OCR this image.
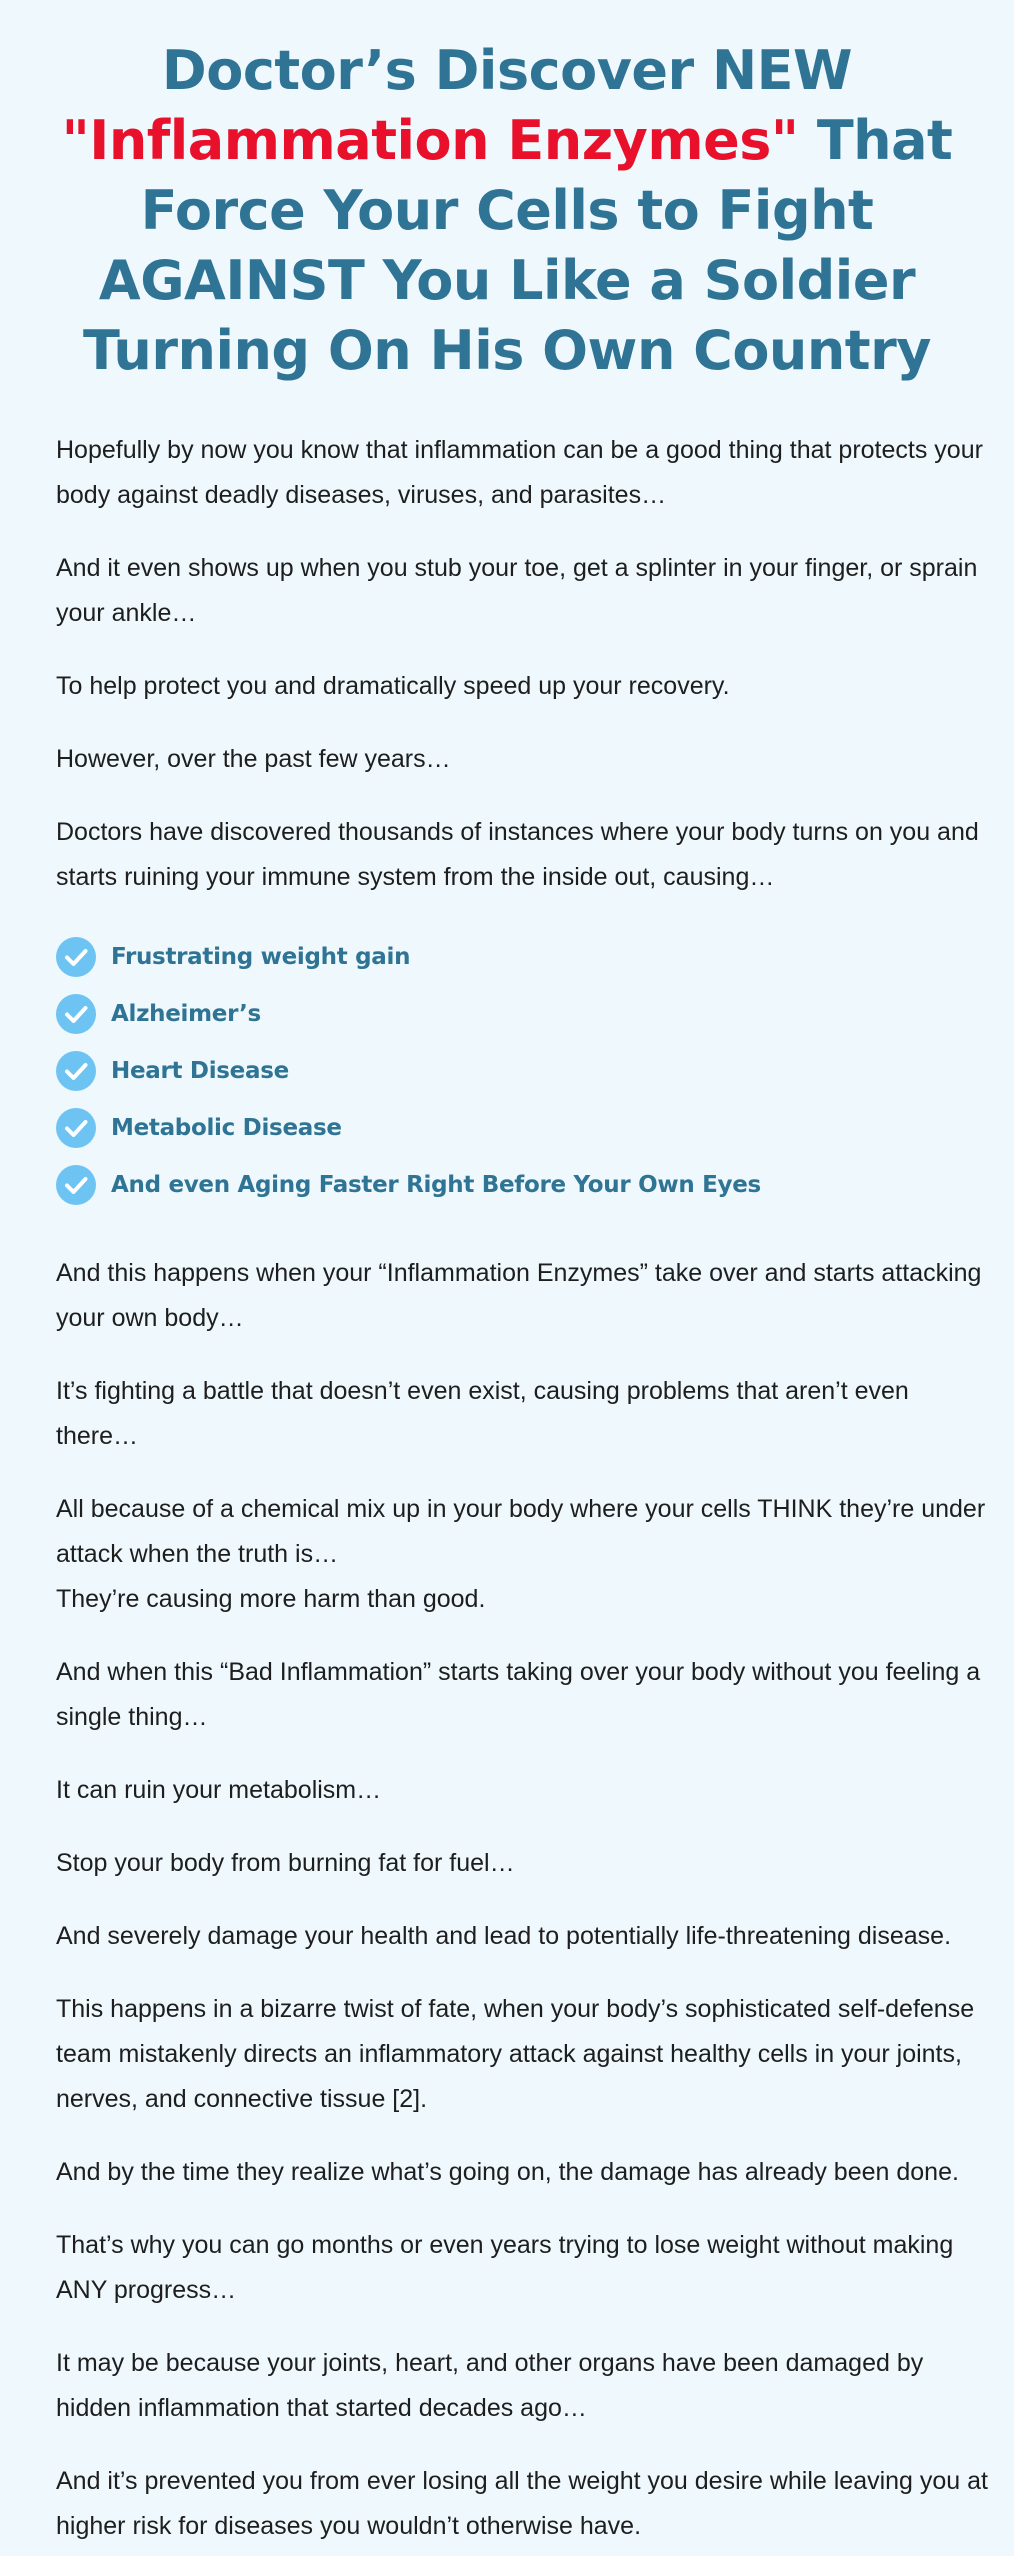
Doctor’s Discover NEW "Inflammation Enzymes" That Force Your Cells to Fight AGAINST You Like a Soldier Turning On His Own Country

Hopefully by now you know that inflammation can be a good thing that protects your body against deadly diseases, viruses, and parasites…

And it even shows up when you stub your toe, get a splinter in your finger, or sprain your ankle…

To help protect you and dramatically speed up your recovery.

However, over the past few years…

Doctors have discovered thousands of instances where your body turns on you and starts ruining your immune system from the inside out, causing…

Frustrating weight gain
Alzheimer’s
Heart Disease
Metabolic Disease
And even Aging Faster Right Before Your Own Eyes

And this happens when your “Inflammation Enzymes” take over and starts attacking your own body…

It’s fighting a battle that doesn’t even exist, causing problems that aren’t even there…

All because of a chemical mix up in your body where your cells THINK they’re under attack when the truth is…
They’re causing more harm than good.

And when this “Bad Inflammation” starts taking over your body without you feeling a single thing…

It can ruin your metabolism…

Stop your body from burning fat for fuel…

And severely damage your health and lead to potentially life-threatening disease.

This happens in a bizarre twist of fate, when your body’s sophisticated self-defense team mistakenly directs an inflammatory attack against healthy cells in your joints, nerves, and connective tissue [2].

And by the time they realize what’s going on, the damage has already been done.

That’s why you can go months or even years trying to lose weight without making ANY progress…

It may be because your joints, heart, and other organs have been damaged by hidden inflammation that started decades ago…

And it’s prevented you from ever losing all the weight you desire while leaving you at higher risk for diseases you wouldn’t otherwise have.
